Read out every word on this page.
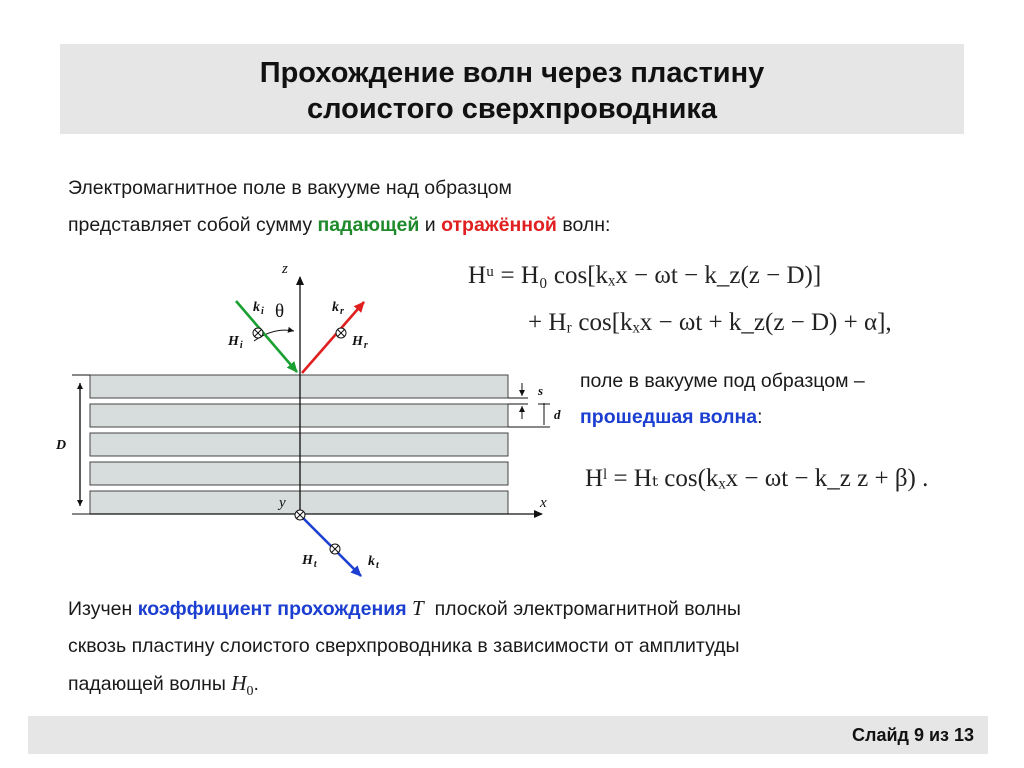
Прохождение волн через пластину
слоистого сверхпроводника
Электромагнитное поле в вакууме над образцом
представляет собой сумму падающей и отражённой волн:
D
s
d
z
x
y
θ
$k_i$
$H_i$
$k_r$
$H_r$
$H_t$	$k_t$
Hᵘ = H₀ cos[kₓx − ωt − k_z(z − D)]
+ Hᵣ cos[kₓx − ωt + k_z(z − D) + α],
поле в вакууме под образцом –
прошедшая волна:
Hˡ = Hₜ cos(kₓx − ωt − k_z z + β) .
Изучен коэффициент прохождения T  плоской электромагнитной волны
сквозь пластину слоистого сверхпроводника в зависимости от амплитуды
падающей волны $H_0$.
Слайд 9 из 13
